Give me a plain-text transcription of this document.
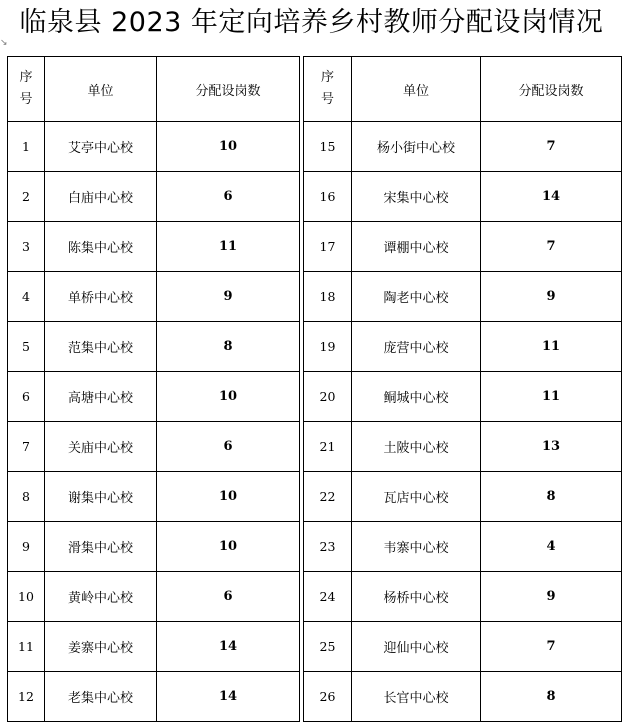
临泉县 2023 年定向培养乡村教师分配设岗情况
↘
序
号	单位	分配设岗数
1	艾亭中心校	10
2	白庙中心校	6
3	陈集中心校	11
4	单桥中心校	9
5	范集中心校	8
6	高塘中心校	10
7	关庙中心校	6
8	谢集中心校	10
9	滑集中心校	10
10	黄岭中心校	6
11	姜寨中心校	14
12	老集中心校	14
序
号	单位	分配设岗数
15	杨小街中心校	7
16	宋集中心校	14
17	谭棚中心校	7
18	陶老中心校	9
19	庞营中心校	11
20	鲖城中心校	11
21	土陂中心校	13
22	瓦店中心校	8
23	韦寨中心校	4
24	杨桥中心校	9
25	迎仙中心校	7
26	长官中心校	8
